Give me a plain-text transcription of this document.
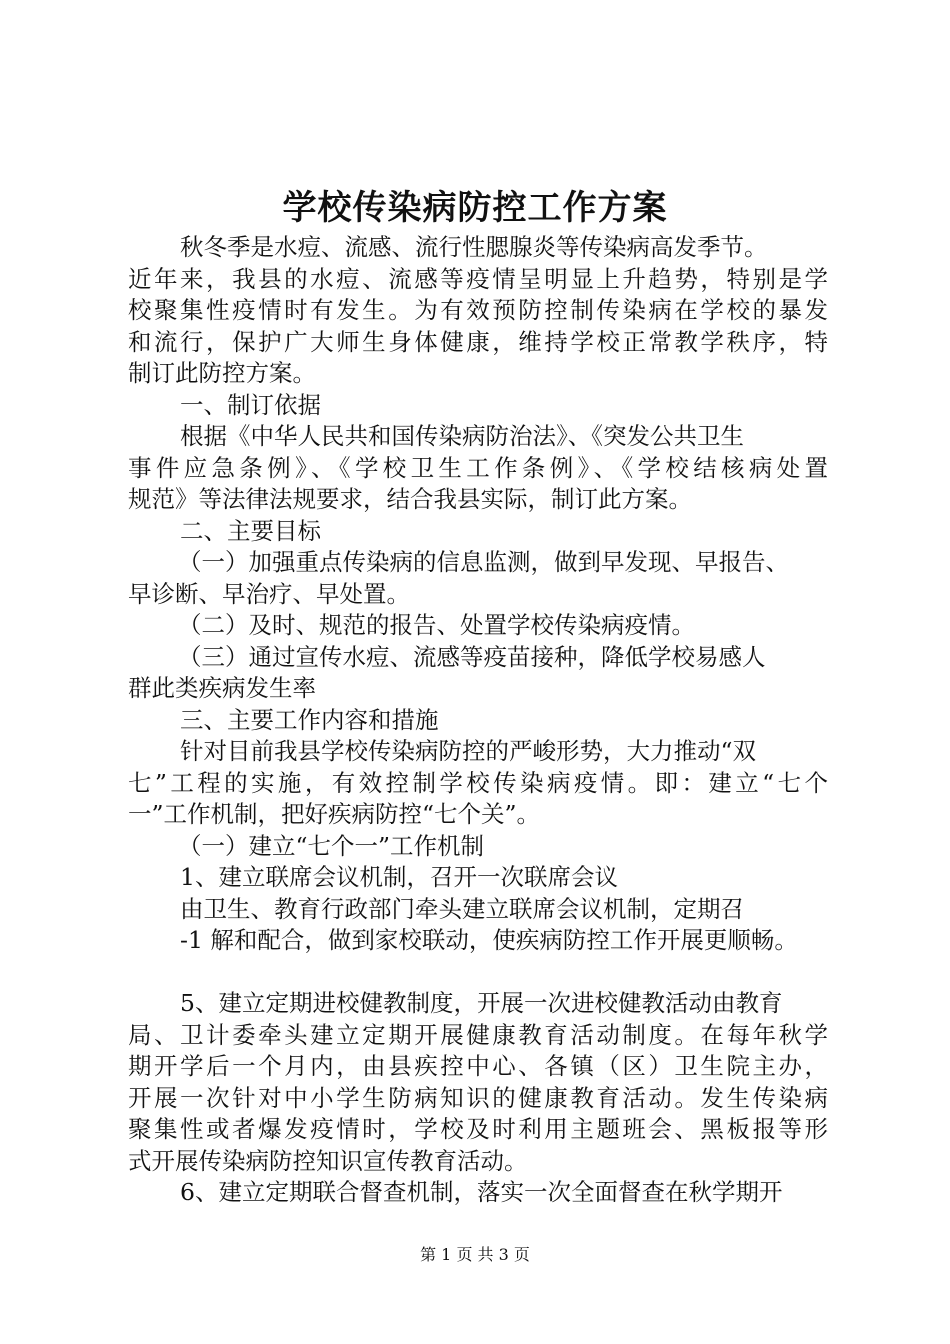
学校传染病防控工作方案
秋冬季是水痘、流感、流行性腮腺炎等传染病高发季节。
近年来，我县的水痘、流感等疫情呈明显上升趋势，特别是学
校聚集性疫情时有发生。为有效预防控制传染病在学校的暴发
和流行，保护广大师生身体健康，维持学校正常教学秩序，特
制订此防控方案。
一、制订依据
根据《中华人民共和国传染病防治法》、《突发公共卫生
事件应急条例》、《学校卫生工作条例》、《学校结核病处置
规范》等法律法规要求，结合我县实际，制订此方案。
二、主要目标
（一）加强重点传染病的信息监测，做到早发现、早报告、
早诊断、早治疗、早处置。
（二）及时、规范的报告、处置学校传染病疫情。
（三）通过宣传水痘、流感等疫苗接种，降低学校易感人
群此类疾病发生率
三、主要工作内容和措施
针对目前我县学校传染病防控的严峻形势，大力推动“双
七”工程的实施，有效控制学校传染病疫情。即：建立“七个
一”工作机制，把好疾病防控“七个关”。
（一）建立“七个一”工作机制
1、建立联席会议机制，召开一次联席会议
由卫生、教育行政部门牵头建立联席会议机制，定期召
-1 解和配合，做到家校联动，使疾病防控工作开展更顺畅。
5、建立定期进校健教制度，开展一次进校健教活动由教育
局、卫计委牵头建立定期开展健康教育活动制度。在每年秋学
期开学后一个月内，由县疾控中心、各镇（区）卫生院主办，
开展一次针对中小学生防病知识的健康教育活动。发生传染病
聚集性或者爆发疫情时，学校及时利用主题班会、黑板报等形
式开展传染病防控知识宣传教育活动。
6、建立定期联合督查机制，落实一次全面督查在秋学期开
第 1 页 共 3 页
